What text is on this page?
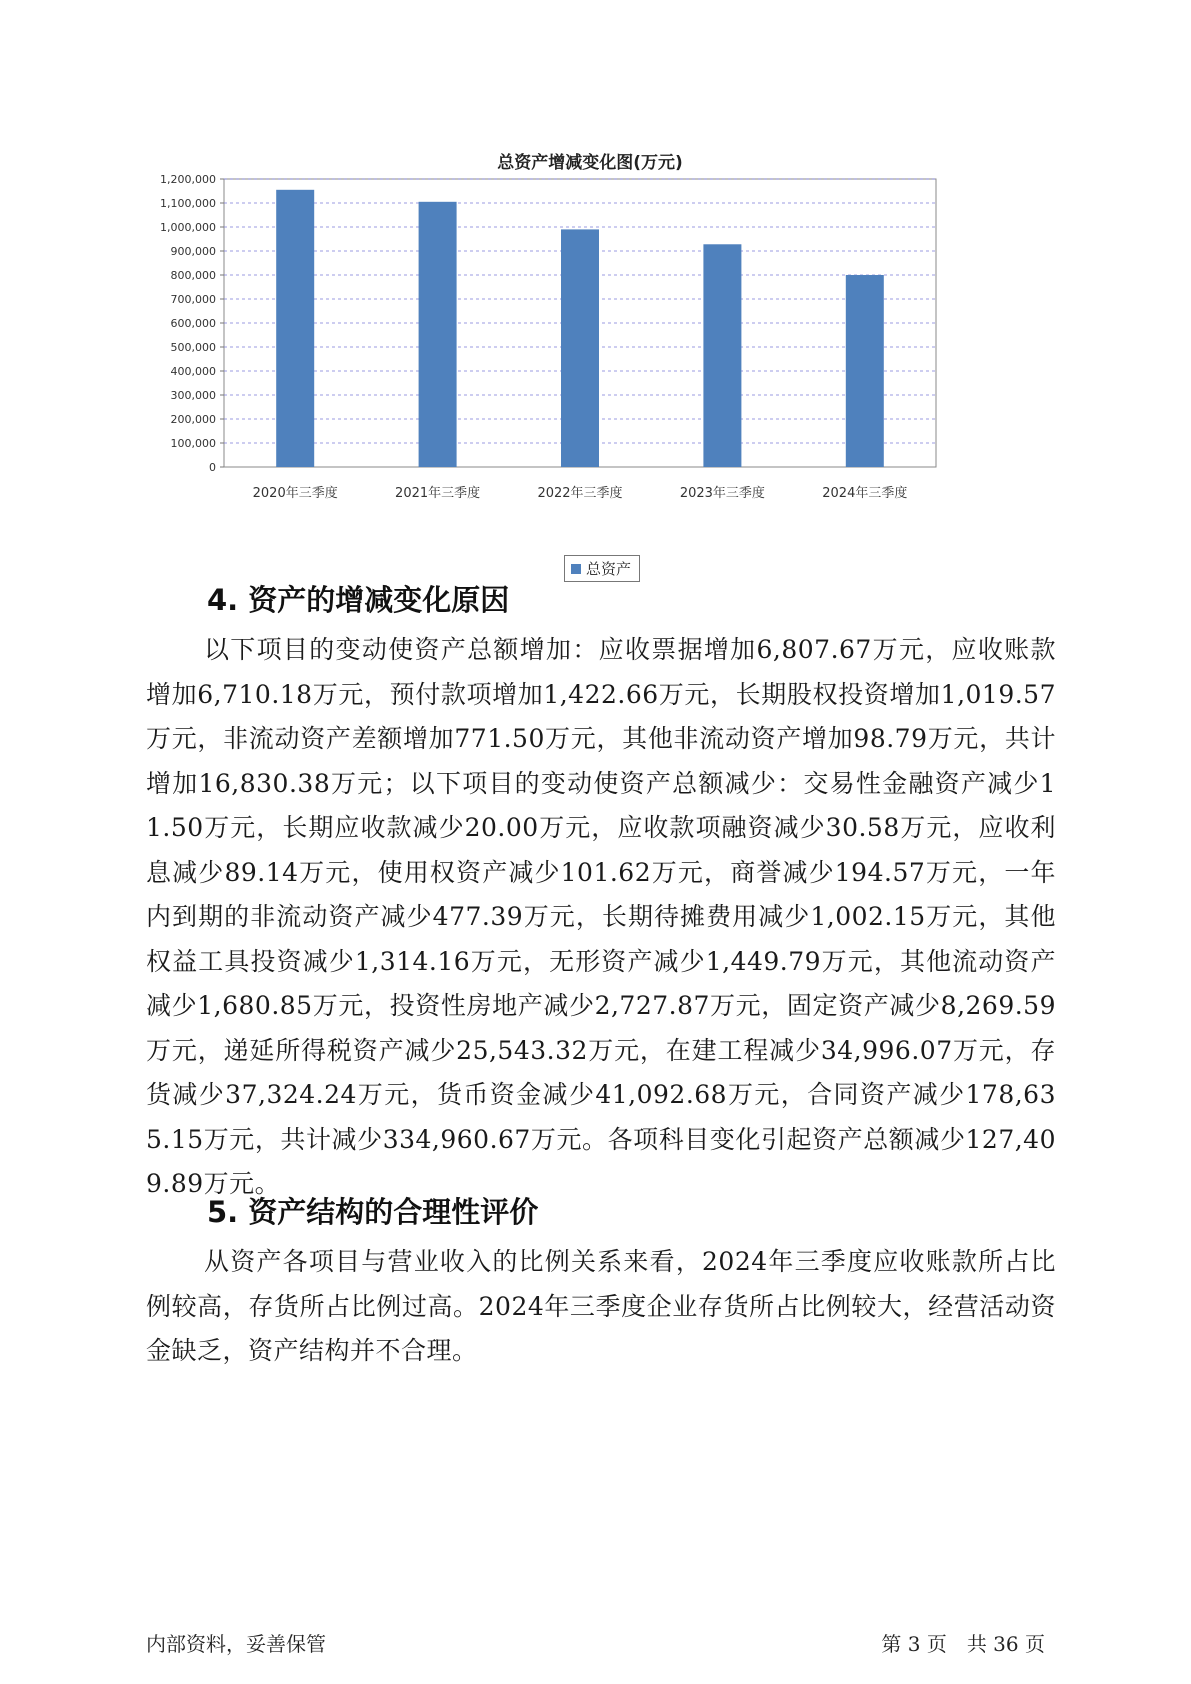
总资产增减变化图(万元)
0
100,000
200,000
300,000
400,000
500,000
600,000
700,000
800,000
900,000
1,000,000
1,100,000
1,200,000
2020年三季度	2021年三季度	2022年三季度	2023年三季度	2024年三季度
总资产
4. 资产的增减变化原因

以下项目的变动使资产总额增加：应收票据增加6,807.67万元，应收账款增加6,710.18万元，预付款项增加1,422.66万元，长期股权投资增加1,019.57万元，非流动资产差额增加771.50万元，其他非流动资产增加98.79万元，共计增加16,830.38万元；以下项目的变动使资产总额减少：交易性金融资产减少11.50万元，长期应收款减少20.00万元，应收款项融资减少30.58万元，应收利息减少89.14万元，使用权资产减少101.62万元，商誉减少194.57万元，一年内到期的非流动资产减少477.39万元，长期待摊费用减少1,002.15万元，其他权益工具投资减少1,314.16万元，无形资产减少1,449.79万元，其他流动资产减少1,680.85万元，投资性房地产减少2,727.87万元，固定资产减少8,269.59万元，递延所得税资产减少25,543.32万元，在建工程减少34,996.07万元，存货减少37,324.24万元，货币资金减少41,092.68万元，合同资产减少178,635.15万元，共计减少334,960.67万元。各项科目变化引起资产总额减少127,409.89万元。

5. 资产结构的合理性评价

从资产各项目与营业收入的比例关系来看，2024年三季度应收账款所占比例较高，存货所占比例过高。2024年三季度企业存货所占比例较大，经营活动资金缺乏，资产结构并不合理。

内部资料，妥善保管	第 3 页　共 36 页
